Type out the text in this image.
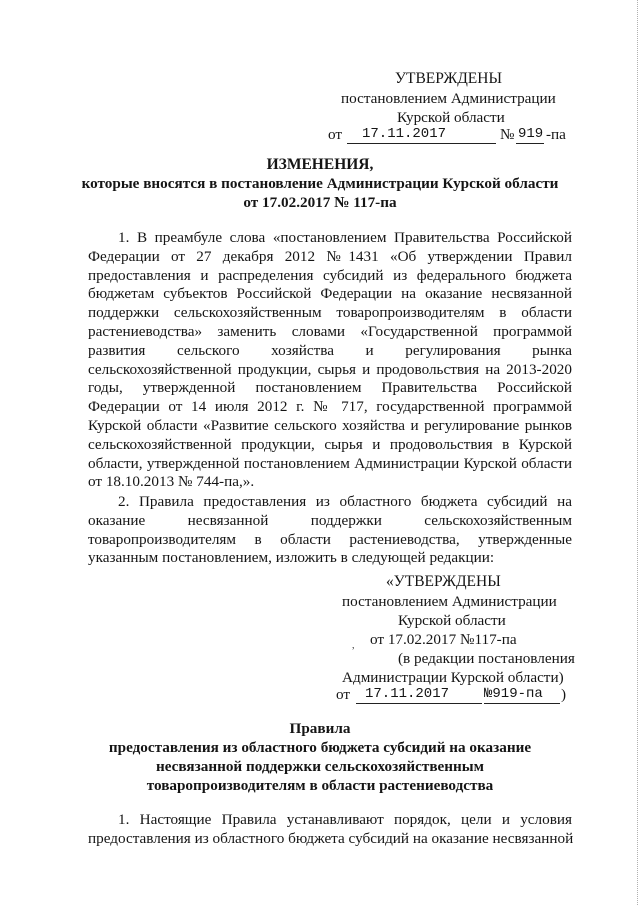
УТВЕРЖДЕНЫ
постановлением Администрации
Курской области
от 17.11.2017	№ 919 -па
ИЗМЕНЕНИЯ,
которые вносятся в постановление Администрации Курской области
от 17.02.2017 № 117-па
1. В преамбуле слова «постановлением Правительства Российской
Федерации от 27 декабря 2012 №1431 «Об утверждении Правил
предоставления и распределения субсидий из федерального бюджета
бюджетам субъектов Российской Федерации на оказание несвязанной
поддержки сельскохозяйственным товаропроизводителям в области
растениеводства» заменить словами «Государственной программой
развития сельского хозяйства и регулирования рынка
сельскохозяйственной продукции, сырья и продовольствия на 2013-2020
годы, утвержденной постановлением Правительства Российской
Федерации от 14 июля 2012 г. № 717, государственной программой
Курской области «Развитие сельского хозяйства и регулирование рынков
сельскохозяйственной продукции, сырья и продовольствия в Курской
области, утвержденной постановлением Администрации Курской области
от 18.10.2013 № 744-па,».
2. Правила предоставления из областного бюджета субсидий на
оказание несвязанной поддержки сельскохозяйственным
товаропроизводителям в области растениеводства, утвержденные
указанным постановлением, изложить в следующей редакции:
«УТВЕРЖДЕНЫ
постановлением Администрации
Курской области
, от 17.02.2017 №117-па
(в редакции постановления
Администрации Курской области)
от 17.11.2017 №919-па )
Правила
предоставления из областного бюджета субсидий на оказание
несвязанной поддержки сельскохозяйственным
товаропроизводителям в области растениеводства
1. Настоящие Правила устанавливают порядок, цели и условия
предоставления из областного бюджета субсидий на оказание несвязанной
